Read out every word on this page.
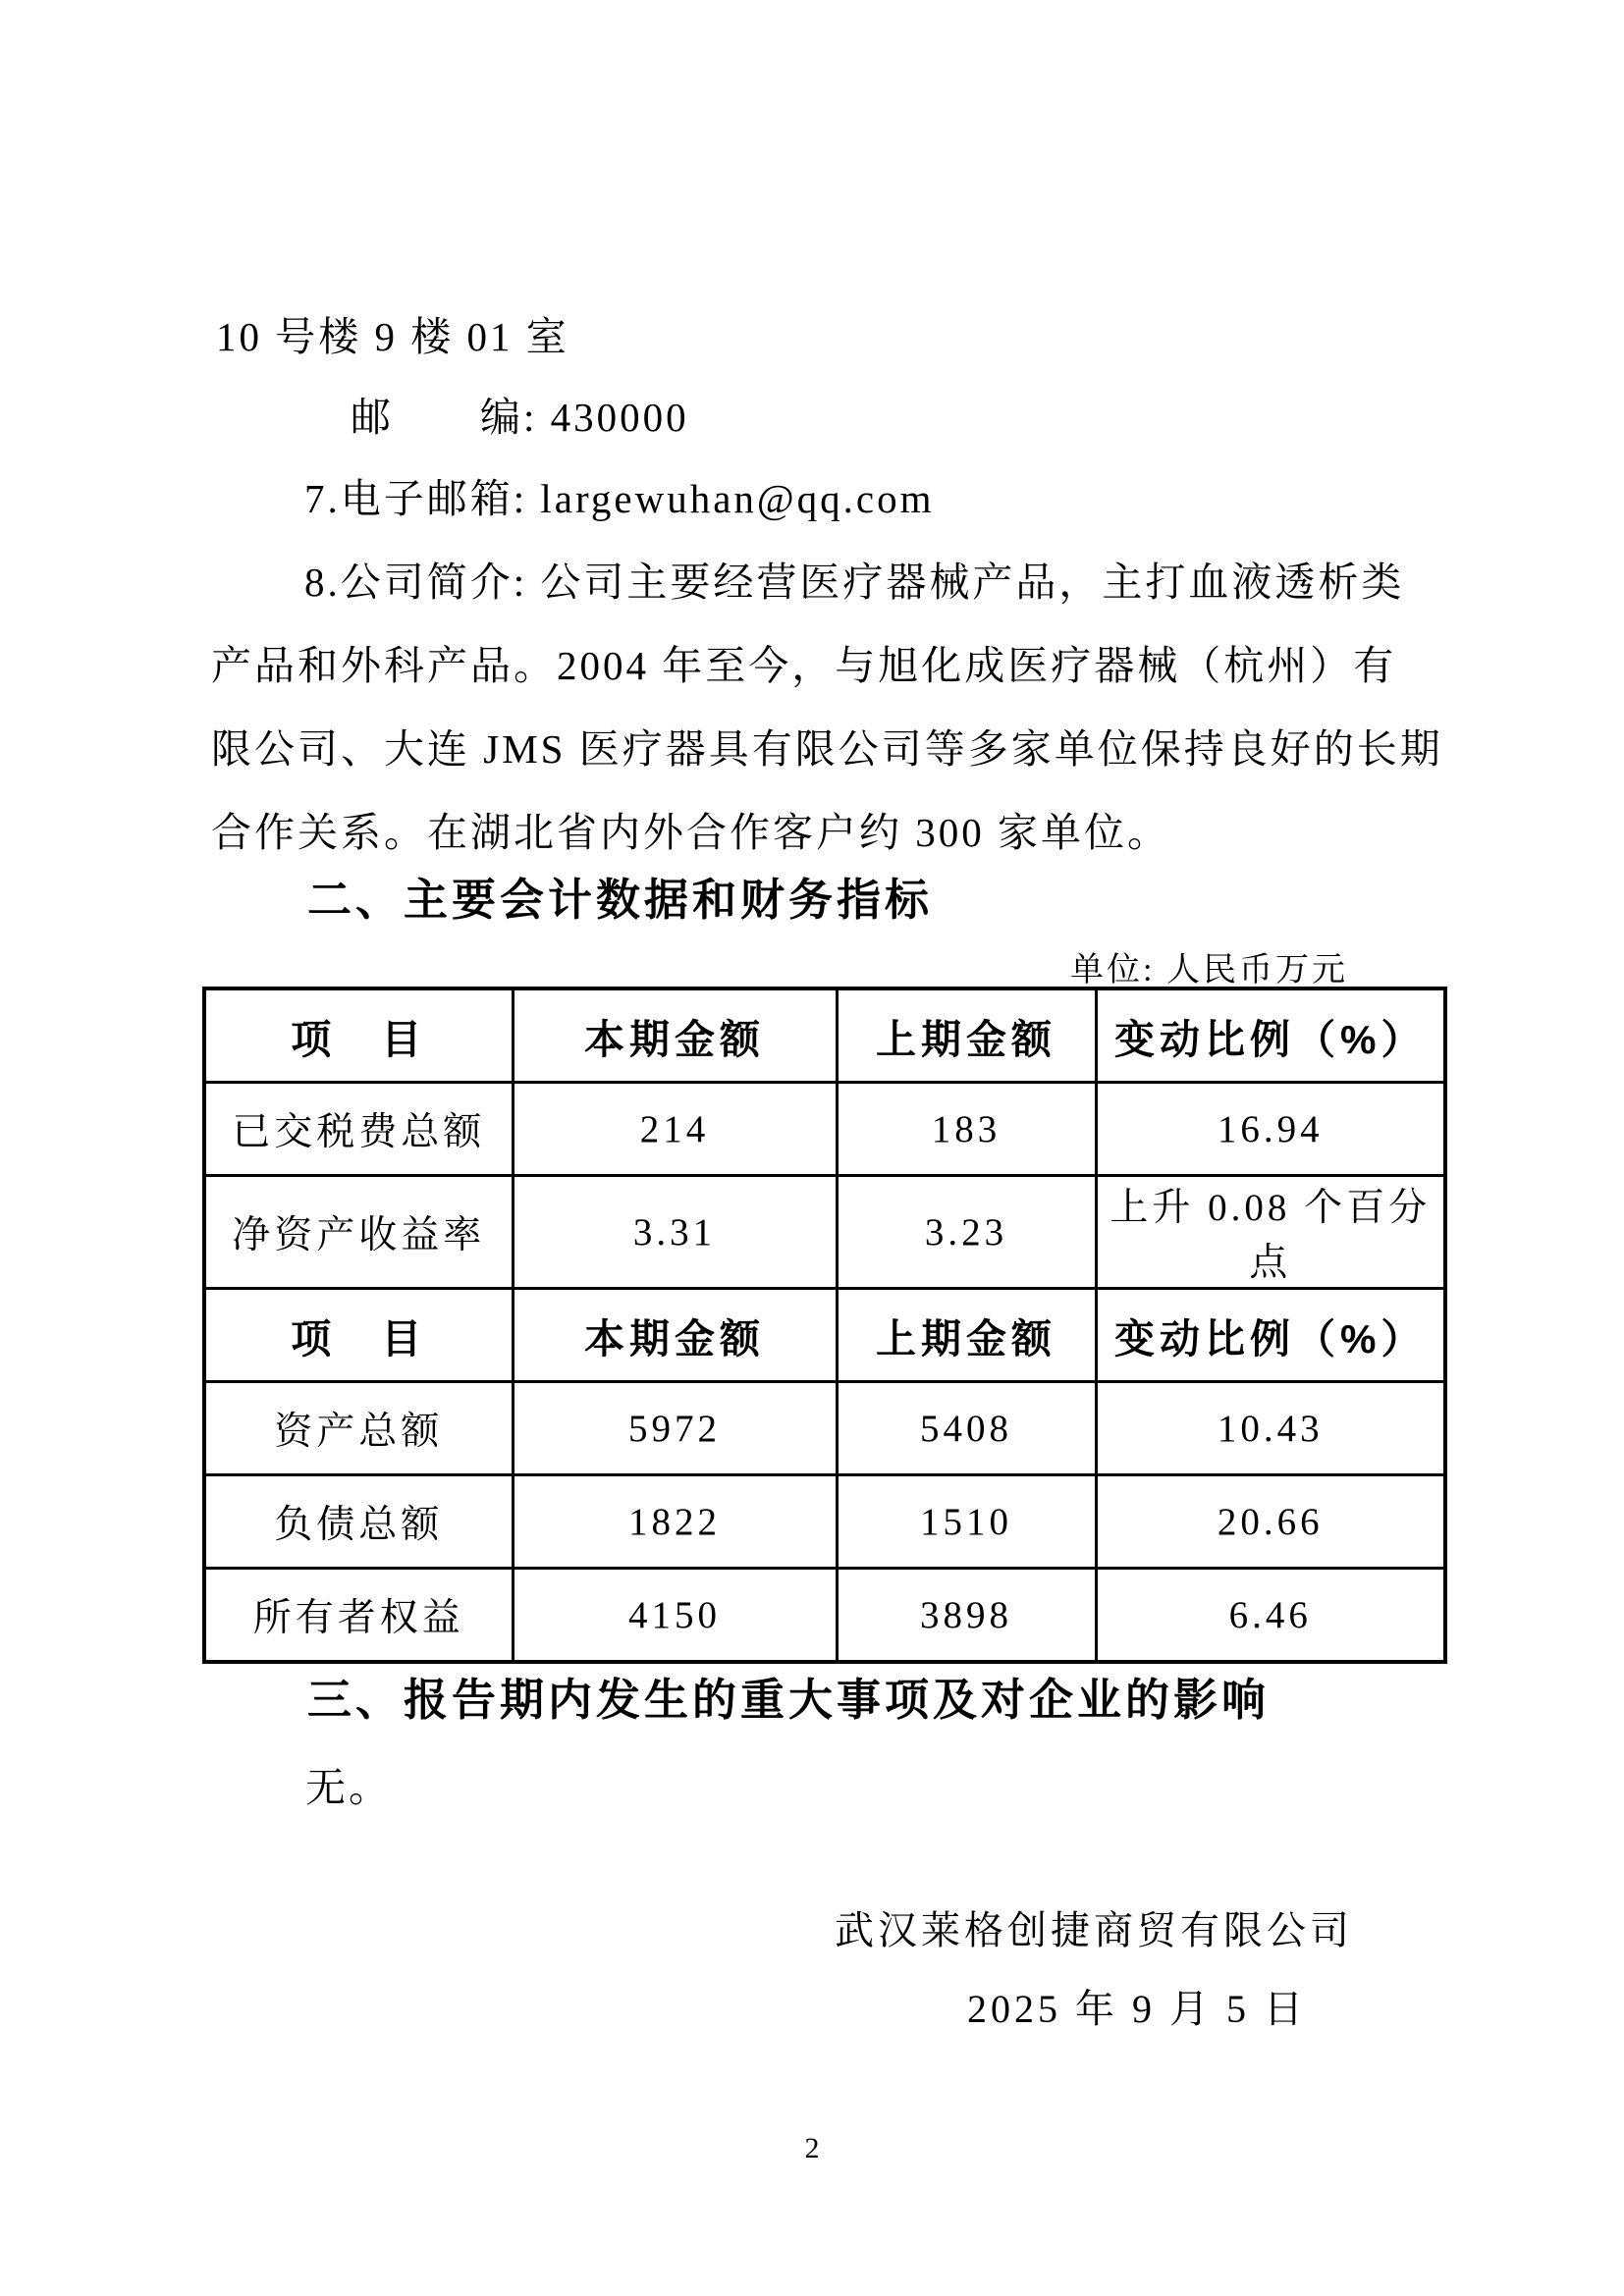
10 号楼 9 楼 01 室
邮　　编: 430000
7.电子邮箱: largewuhan@qq.com
8.公司简介: 公司主要经营医疗器械产品，主打血液透析类
产品和外科产品。2004 年至今，与旭化成医疗器械（杭州）有
限公司、大连 JMS 医疗器具有限公司等多家单位保持良好的长期
合作关系。在湖北省内外合作客户约 300 家单位。
二、主要会计数据和财务指标
单位: 人民币万元
项　目	本期金额	上期金额	变动比例（%）
已交税费总额	214	183	16.94
净资产收益率	3.31	3.23	上升 0.08 个百分点
项　目	本期金额	上期金额	变动比例（%）
资产总额	5972	5408	10.43
负债总额	1822	1510	20.66
所有者权益	4150	3898	6.46
三、报告期内发生的重大事项及对企业的影响
无。
武汉莱格创捷商贸有限公司
2025 年 9 月 5 日
2
